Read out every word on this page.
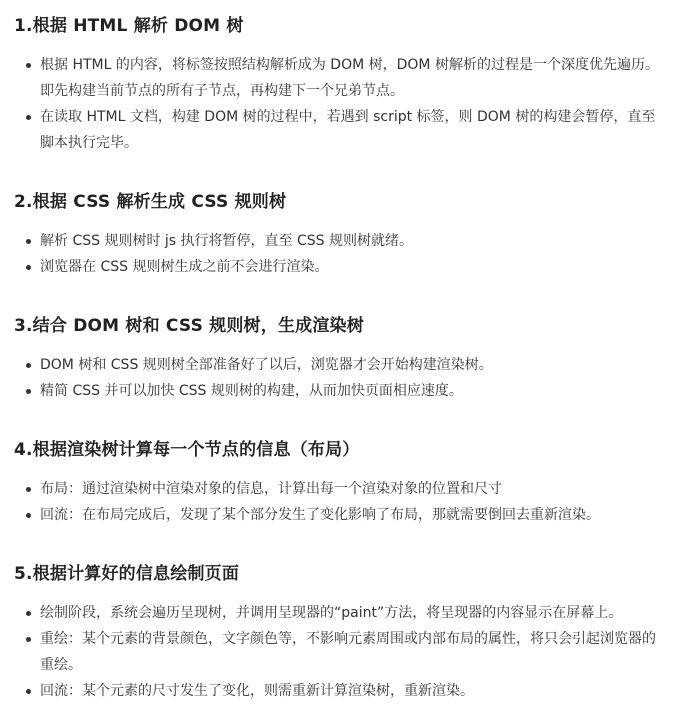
1.根据 HTML 解析 DOM 树
根据 HTML 的内容，将标签按照结构解析成为 DOM 树，DOM 树解析的过程是一个深度优先遍历。即先构建当前节点的所有子节点，再构建下一个兄弟节点。
在读取 HTML 文档，构建 DOM 树的过程中，若遇到 script 标签，则 DOM 树的构建会暂停，直至脚本执行完毕。
2.根据 CSS 解析生成 CSS 规则树
解析 CSS 规则树时 js 执行将暂停，直至 CSS 规则树就绪。
浏览器在 CSS 规则树生成之前不会进行渲染。
3.结合 DOM 树和 CSS 规则树，生成渲染树
DOM 树和 CSS 规则树全部准备好了以后，浏览器才会开始构建渲染树。
精简 CSS 并可以加快 CSS 规则树的构建，从而加快页面相应速度。
4.根据渲染树计算每一个节点的信息（布局）
布局：通过渲染树中渲染对象的信息，计算出每一个渲染对象的位置和尺寸
回流：在布局完成后，发现了某个部分发生了变化影响了布局，那就需要倒回去重新渲染。
5.根据计算好的信息绘制页面
绘制阶段，系统会遍历呈现树，并调用呈现器的“paint”方法，将呈现器的内容显示在屏幕上。
重绘：某个元素的背景颜色，文字颜色等，不影响元素周围或内部布局的属性，将只会引起浏览器的重绘。
回流：某个元素的尺寸发生了变化，则需重新计算渲染树，重新渲染。
